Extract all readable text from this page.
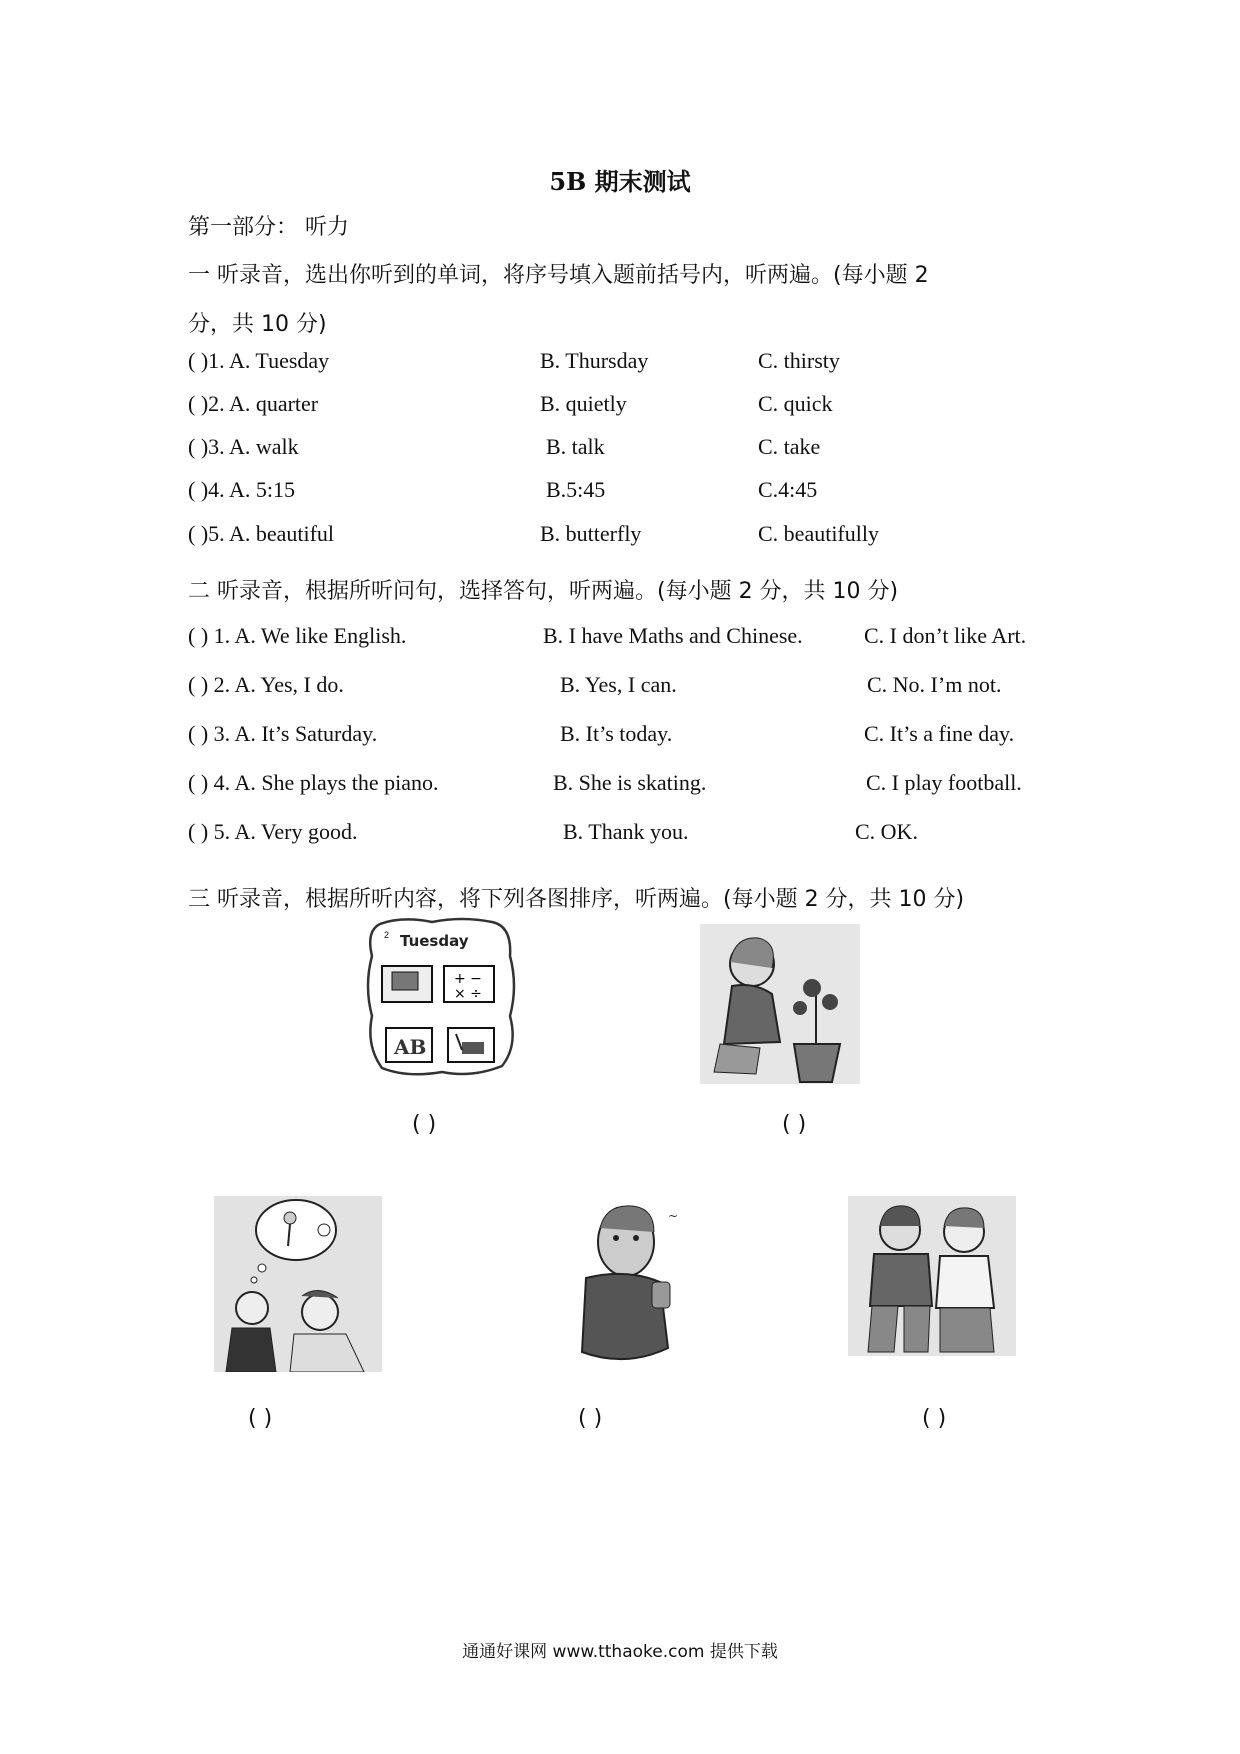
5B 期末测试
第一部分： 听力
一 听录音，选出你听到的单词，将序号填入题前括号内，听两遍。(每小题 2
分，共 10 分)
( )1. A. Tuesday	B. Thursday	C. thirsty
( )2. A. quarter	B. quietly	C. quick
( )3. A. walk	B. talk	C. take
( )4. A. 5:15	B.5:45	C.4:45
( )5. A. beautiful	B. butterfly	C. beautifully
二 听录音，根据所听问句，选择答句，听两遍。(每小题 2 分，共 10 分)
( ) 1. A. We like English.	B. I have Maths and Chinese.	C. I don’t like Art.
( ) 2. A. Yes, I do.	B. Yes, I can.	C. No. I’m not.
( ) 3. A. It’s Saturday.	B. It’s today.	C. It’s a fine day.
( ) 4. A. She plays the piano.	B. She is skating.	C. I play football.
( ) 5. A. Very good.	B. Thank you.	C. OK.
三 听录音，根据所听内容，将下列各图排序，听两遍。(每小题 2 分，共 10 分)
2 Tuesday
+ −
× ÷
AB
( )	( )
( )
~
( )	( )
通通好课网 www.tthaoke.com 提供下载
